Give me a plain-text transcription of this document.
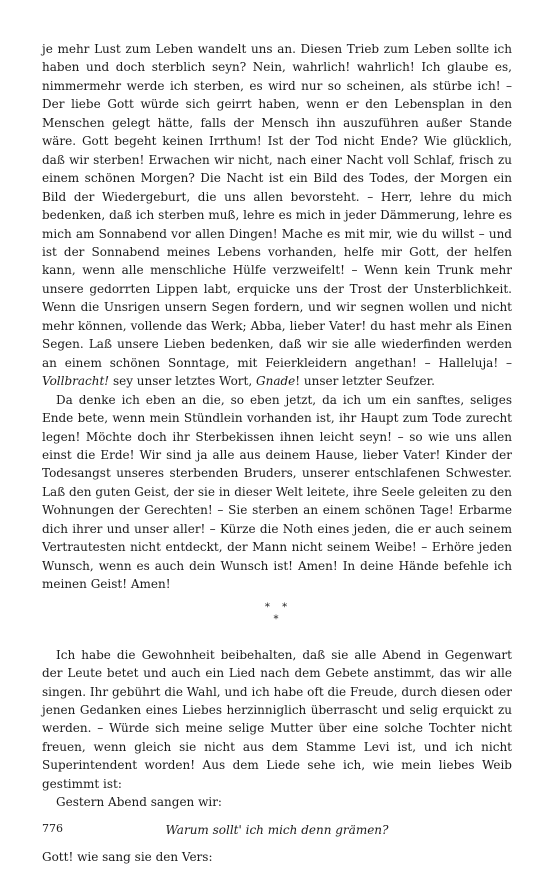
je mehr Lust zum Leben wandelt uns an. Diesen Trieb zum Leben sollte ich haben und doch sterblich seyn? Nein, wahrlich! wahrlich! Ich glaube es, nimmermehr werde ich sterben, es wird nur so scheinen, als stürbe ich! – Der liebe Gott würde sich geirrt haben, wenn er den Lebensplan in den Menschen gelegt hätte, falls der Mensch ihn auszuführen außer Stande wäre. Gott begeht keinen Irrthum! Ist der Tod nicht Ende? Wie glücklich, daß wir sterben! Erwachen wir nicht, nach einer Nacht voll Schlaf, frisch zu einem schönen Morgen? Die Nacht ist ein Bild des Todes, der Morgen ein Bild der Wiedergeburt, die uns allen bevorsteht. – Herr, lehre du mich bedenken, daß ich sterben muß, lehre es mich in jeder Dämmerung, lehre es mich am Sonnabend vor allen Dingen! Mache es mit mir, wie du willst – und ist der Sonnabend meines Lebens vorhanden, helfe mir Gott, der helfen kann, wenn alle menschliche Hülfe verzweifelt! – Wenn kein Trunk mehr unsere gedorrten Lippen labt, erquicke uns der Trost der Unsterblichkeit. Wenn die Unsrigen unsern Segen fordern, und wir segnen wollen und nicht mehr können, vollende das Werk; Abba, lieber Vater! du hast mehr als Einen Segen. Laß unsere Lieben bedenken, daß wir sie alle wiederfinden werden an einem schönen Sonntage, mit Feierkleidern angethan! – Halleluja! – Vollbracht! sey unser letztes Wort, Gnade! unser letzter Seufzer.

Da denke ich eben an die, so eben jetzt, da ich um ein sanftes, seliges Ende bete, wenn mein Stündlein vorhanden ist, ihr Haupt zum Tode zurecht legen! Möchte doch ihr Sterbekissen ihnen leicht seyn! – so wie uns allen einst die Erde! Wir sind ja alle aus deinem Hause, lieber Vater! Kinder der Todesangst unseres sterbenden Bruders, unserer entschlafenen Schwester. Laß den guten Geist, der sie in dieser Welt leitete, ihre Seele geleiten zu den Wohnungen der Gerechten! – Sie sterben an einem schönen Tage! Erbarme dich ihrer und unser aller! – Kürze die Noth eines jeden, die er auch seinem Vertrautesten nicht entdeckt, der Mann nicht seinem Weibe! – Erhöre jeden Wunsch, wenn es auch dein Wunsch ist! Amen! In deine Hände befehle ich meinen Geist! Amen!

*  *
*

Ich habe die Gewohnheit beibehalten, daß sie alle Abend in Gegenwart der Leute betet und auch ein Lied nach dem Gebete anstimmt, das wir alle singen. Ihr gebührt die Wahl, und ich habe oft die Freude, durch diesen oder jenen Gedanken eines Liebes herzinniglich überrascht und selig erquickt zu werden. – Würde sich meine selige Mutter über eine solche Tochter nicht freuen, wenn gleich sie nicht aus dem Stamme Levi ist, und ich nicht Superintendent worden! Aus dem Liede sehe ich, wie mein liebes Weib gestimmt ist:

Gestern Abend sangen wir:

Warum sollt' ich mich denn grämen?

Gott! wie sang sie den Vers:

776
